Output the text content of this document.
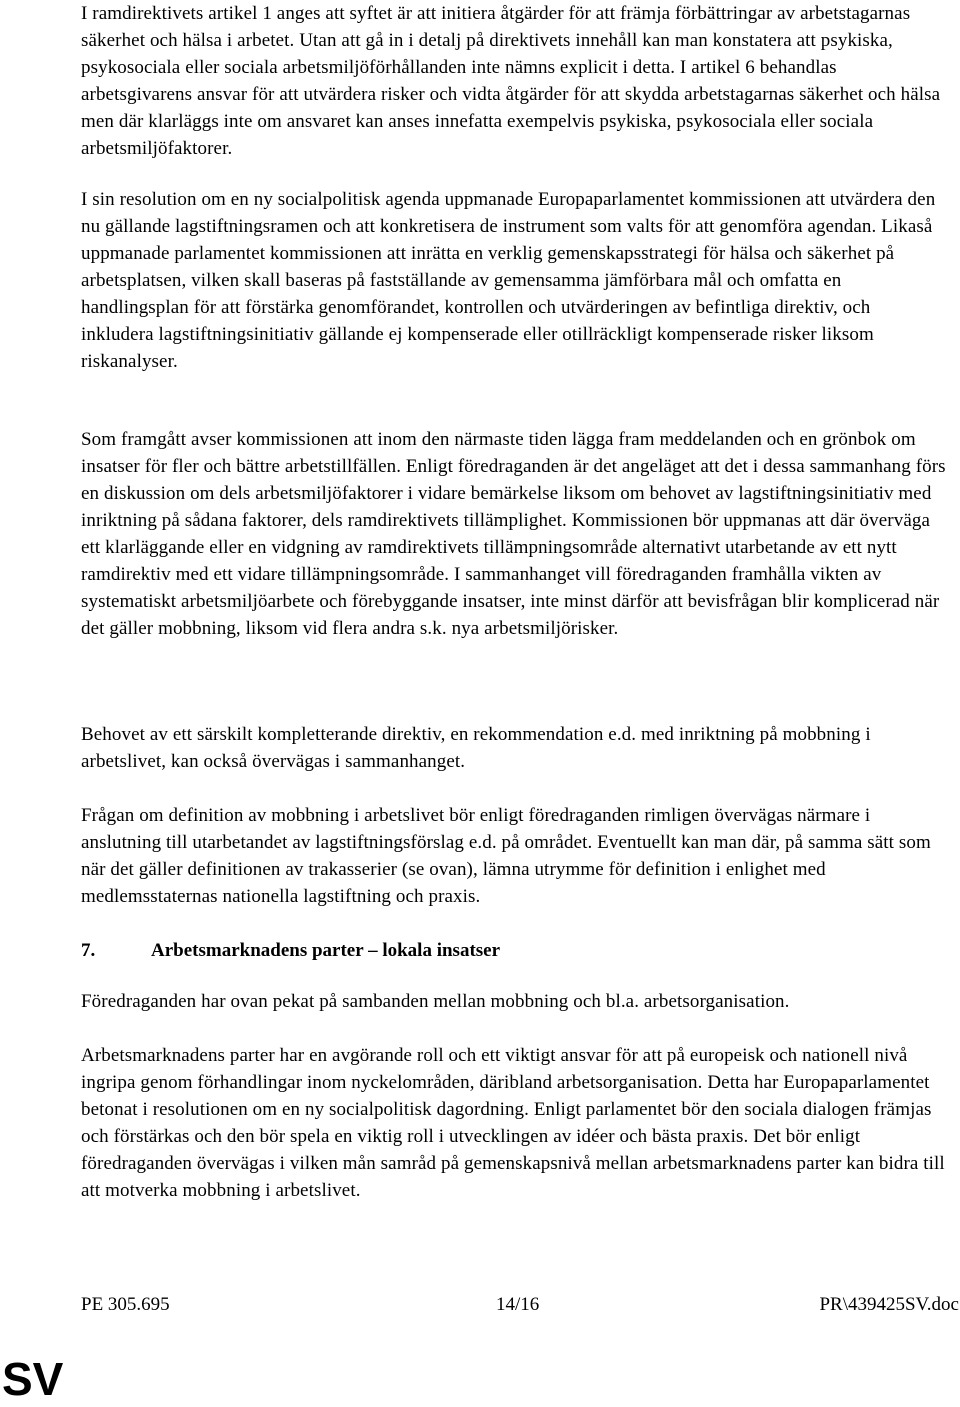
I ramdirektivets artikel 1 anges att syftet är att initiera åtgärder för att främja förbättringar av arbetstagarnas säkerhet och hälsa i arbetet. Utan att gå in i detalj på direktivets innehåll kan man konstatera att psykiska, psykosociala eller sociala arbetsmiljöförhållanden inte nämns explicit i detta. I artikel 6 behandlas arbetsgivarens ansvar för att utvärdera risker och vidta åtgärder för att skydda arbetstagarnas säkerhet och hälsa men där klarläggs inte om ansvaret kan anses innefatta exempelvis psykiska, psykosociala eller sociala arbetsmiljöfaktorer.

I sin resolution om en ny socialpolitisk agenda uppmanade Europaparlamentet kommissionen att utvärdera den nu gällande lagstiftningsramen och att konkretisera de instrument som valts för att genomföra agendan. Likaså uppmanade parlamentet kommissionen att inrätta en verklig gemenskapsstrategi för hälsa och säkerhet på arbetsplatsen, vilken skall baseras på fastställande av gemensamma jämförbara mål och omfatta en handlingsplan för att förstärka genomförandet, kontrollen och utvärderingen av befintliga direktiv, och inkludera lagstiftningsinitiativ gällande ej kompenserade eller otillräckligt kompenserade risker liksom riskanalyser.

Som framgått avser kommissionen att inom den närmaste tiden lägga fram meddelanden och en grönbok om insatser för fler och bättre arbetstillfällen. Enligt föredraganden är det angeläget att det i dessa sammanhang förs en diskussion om dels arbetsmiljöfaktorer i vidare bemärkelse liksom om behovet av lagstiftningsinitiativ med inriktning på sådana faktorer, dels ramdirektivets tillämplighet. Kommissionen bör uppmanas att där överväga ett klarläggande eller en vidgning av ramdirektivets tillämpningsområde alternativt utarbetande av ett nytt ramdirektiv med ett vidare tillämpningsområde. I sammanhanget vill föredraganden framhålla vikten av systematiskt arbetsmiljöarbete och förebyggande insatser, inte minst därför att bevisfrågan blir komplicerad när det gäller mobbning, liksom vid flera andra s.k. nya arbetsmiljörisker.

Behovet av ett särskilt kompletterande direktiv, en rekommendation e.d. med inriktning på mobbning i arbetslivet, kan också övervägas i sammanhanget.

Frågan om definition av mobbning i arbetslivet bör enligt föredraganden rimligen övervägas närmare i anslutning till utarbetandet av lagstiftningsförslag e.d. på området. Eventuellt kan man där, på samma sätt som när det gäller definitionen av trakasserier (se ovan), lämna utrymme för definition i enlighet med medlemsstaternas nationella lagstiftning och praxis.

7.	Arbetsmarknadens parter – lokala insatser

Föredraganden har ovan pekat på sambanden mellan mobbning och bl.a. arbetsorganisation.

Arbetsmarknadens parter har en avgörande roll och ett viktigt ansvar för att på europeisk och nationell nivå ingripa genom förhandlingar inom nyckelområden, däribland arbetsorganisation. Detta har Europaparlamentet betonat i resolutionen om en ny socialpolitisk dagordning. Enligt parlamentet bör den sociala dialogen främjas och förstärkas och den bör spela en viktig roll i utvecklingen av idéer och bästa praxis. Det bör enligt föredraganden övervägas i vilken mån samråd på gemenskapsnivå mellan arbetsmarknadens parter kan bidra till att motverka mobbning i arbetslivet.

PE 305.695	14/16	PR\439425SV.doc
SV
